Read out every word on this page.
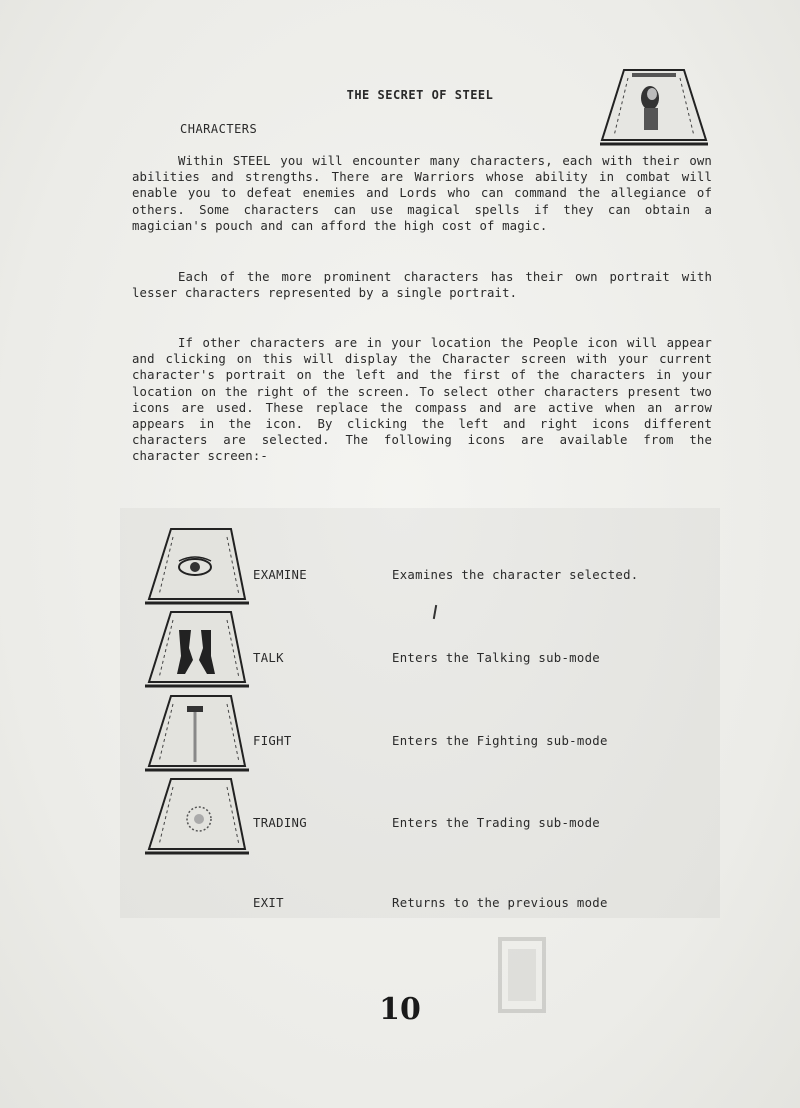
THE SECRET OF STEEL
CHARACTERS

Within STEEL you will encounter many characters, each with their own abilities and strengths. There are Warriors whose ability in combat will enable you to defeat enemies and Lords who can command the allegiance of others. Some characters can use magical spells if they can obtain a magician's pouch and can afford the high cost of magic.

Each of the more prominent characters has their own portrait with lesser characters represented by a single portrait.

If other characters are in your location the People icon will appear and clicking on this will display the Character screen with your current character's portrait on the left and the first of the characters in your location on the right of the screen. To select other characters present two icons are used. These replace the compass and are active when an arrow appears in the icon. By clicking the left and right icons different characters are selected. The following icons are available from the character screen:-

EXAMINE	Examines the character selected.
TALK	Enters the Talking sub-mode
FIGHT	Enters the Fighting sub-mode
TRADING	Enters the Trading sub-mode
EXIT	Returns to the previous mode
10
